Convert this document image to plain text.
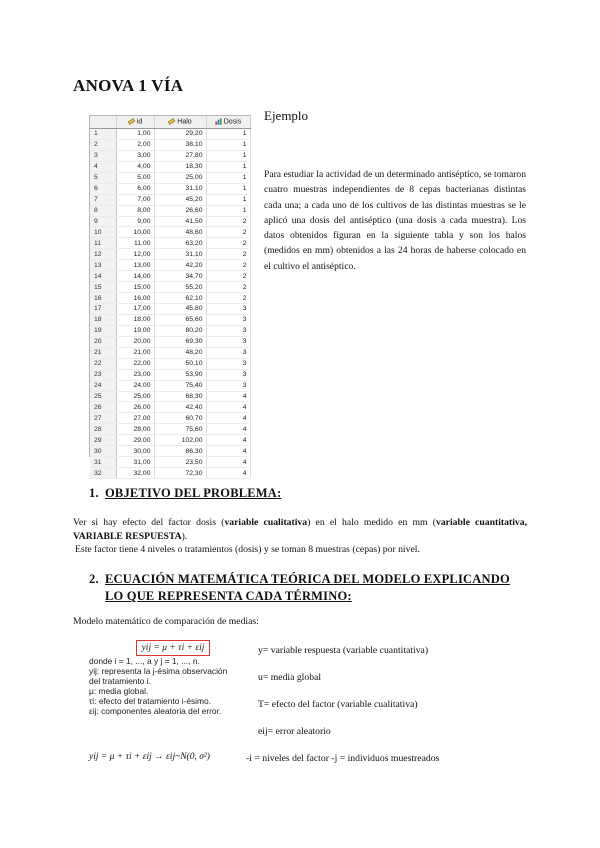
ANOVA 1 VÍA
	id	Halo	Dosis
1	1,00	29,20	1
2	2,00	38,10	1
3	3,00	27,80	1
4	4,00	18,30	1
5	5,00	25,00	1
6	6,00	31,10	1
7	7,00	45,20	1
8	8,00	26,60	1
9	9,00	41,50	2
10	10,00	48,60	2
11	11,00	63,20	2
12	12,00	31,10	2
13	13,00	42,20	2
14	14,00	34,70	2
15	15,00	55,20	2
16	16,00	62,10	2
17	17,00	45,80	3
18	18,00	65,60	3
19	19,00	80,20	3
20	20,00	69,30	3
21	21,00	48,20	3
22	22,00	50,10	3
23	23,00	53,90	3
24	24,00	75,40	3
25	25,00	68,30	4
26	26,00	42,40	4
27	27,00	60,70	4
28	28,00	75,60	4
29	29,00	102,00	4
30	30,00	86,30	4
31	31,00	23,50	4
32	32,00	72,30	4
Ejemplo
Para estudiar la actividad de un determinado antiséptico, se tomaron cuatro muestras independientes de 8 cepas bacterianas distintas cada una; a cada uno de los cultivos de las distintas muestras se le aplicó una dosis del antiséptico (una dosis a cada muestra). Los datos obtenidos figuran en la siguiente tabla y son los halos (medidos en mm) obtenidos a las 24 horas de haberse colocado en el cultivo el antiséptico.
1. OBJETIVO DEL PROBLEMA:
Ver si hay efecto del factor dosis (variable cualitativa) en el halo medido en mm (variable cuantitativa, VARIABLE RESPUESTA).
Este factor tiene 4 niveles o tratamientos (dosis) y se toman 8 muestras (cepas) por nivel.
2. ECUACIÓN MATEMÁTICA TEÓRICA DEL MODELO EXPLICANDO LO QUE REPRESENTA CADA TÉRMINO:
Modelo matemático de comparación de medias:
yij = μ + τi + εij
donde i = 1, ..., a y j = 1, ..., n.
yij: representa la j-ésima observación
del tratamiento i.
μ: media global.
τi: efecto del tratamiento i-ésimo.
εij: componentes aleatoria del error.
y= variable respuesta (variable cuantitativa)
u= media global
T= efecto del factor (variable cualitativa)
eij= error aleatorio
yij = μ + τi + εij → εij~N(0, σ²)	-i = niveles del factor -j = individuos muestreados
